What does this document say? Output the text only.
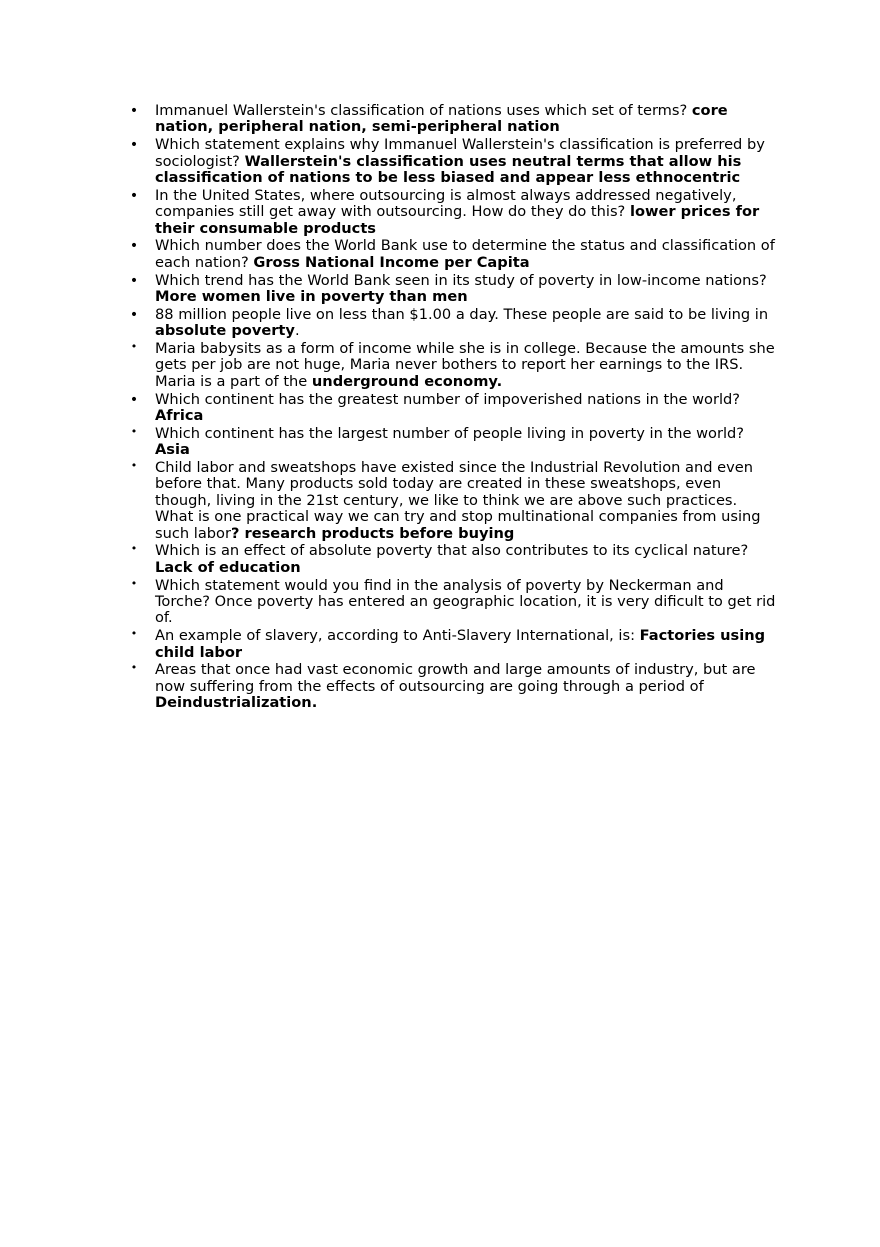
• Immanuel Wallerstein's classification of nations uses which set of terms? core nation, peripheral nation, semi-peripheral nation
• Which statement explains why Immanuel Wallerstein's classification is preferred by sociologist? Wallerstein's classification uses neutral terms that allow his classification of nations to be less biased and appear less ethnocentric
• In the United States, where outsourcing is almost always addressed negatively, companies still get away with outsourcing. How do they do this? lower prices for their consumable products
• Which number does the World Bank use to determine the status and classification of each nation? Gross National Income per Capita
• Which trend has the World Bank seen in its study of poverty in low-income nations? More women live in poverty than men
• 88 million people live on less than $1.00 a day. These people are said to be living in absolute poverty.
• Maria babysits as a form of income while she is in college. Because the amounts she gets per job are not huge, Maria never bothers to report her earnings to the IRS. Maria is a part of the underground economy.
• Which continent has the greatest number of impoverished nations in the world? Africa
• Which continent has the largest number of people living in poverty in the world? Asia
• Child labor and sweatshops have existed since the Industrial Revolution and even before that. Many products sold today are created in these sweatshops, even though, living in the 21st century, we like to think we are above such practices. What is one practical way we can try and stop multinational companies from using such labor? research products before buying
• Which is an effect of absolute poverty that also contributes to its cyclical nature? Lack of education
• Which statement would you find in the analysis of poverty by Neckerman and Torche? Once poverty has entered an geographic location, it is very dificult to get rid of.
• An example of slavery, according to Anti-Slavery International, is: Factories using child labor
• Areas that once had vast economic growth and large amounts of industry, but are now suffering from the effects of outsourcing are going through a period of Deindustrialization.
